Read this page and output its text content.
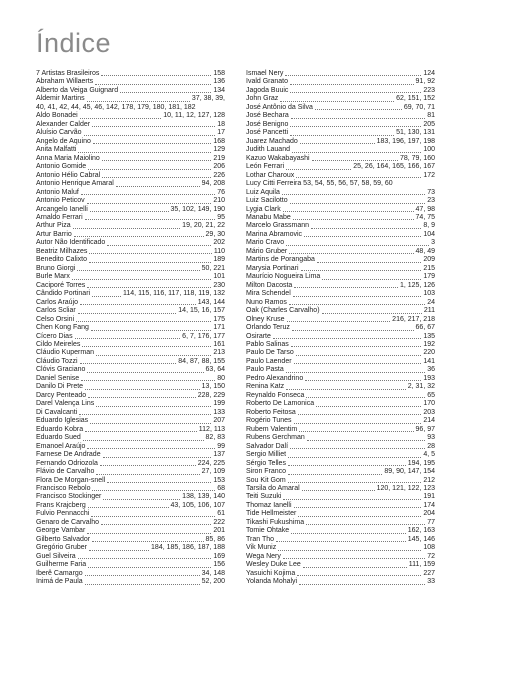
Índice
7 Artistas Brasileiros	158
Abraham Willaerts	136
Alberto da Veiga Guignard	134
Aldemir Martins	37, 38, 39,
40, 41, 42, 44, 45, 46, 142, 178, 179, 180, 181, 182
Aldo Bonadei	10, 11, 12, 127, 128
Alexander Calder	18
Aluísio Carvão	17
Angelo de Aquino	168
Anita Malfatti	129
Anna Maria Maiolino	219
Antonio Gomide	206
Antonio Hélio Cabral	226
Antonio Henrique Amaral	94, 208
Antonio Maluf	76
Antonio Peticov	210
Arcangelo Ianelli	35, 102, 149, 190
Arnaldo Ferrari	95
Arthur Piza	19, 20, 21, 22
Artur Barrio	29, 30
Autor Não Identificado	202
Beatriz Milhazes	110
Benedito Calixto	189
Bruno Giorgi	50, 221
Burle Marx	101
Caciporé Torres	230
Cândido Portinari	114, 115, 116, 117, 118, 119, 132
Carlos Araújo	143, 144
Carlos Scliar	14, 15, 16, 157
Celso Orsini	175
Chen Kong Fang	171
Cícero Dias	6, 7, 176, 177
Cildo Meireles	161
Cláudio Kuperman	213
Cláudio Tozzi	84, 87, 88, 155
Clóvis Graciano	63, 64
Daniel Senise	80
Danilo Di Prete	13, 150
Darcy Penteado	228, 229
Darel Valença Lins	199
Di Cavalcanti	133
Eduardo Iglesias	207
Eduardo Kobra	112, 113
Eduardo Sued	82, 83
Emanoel Araújo	99
Farnese De Andrade	137
Fernando Odriozola	224, 225
Flávio de Carvalho	27, 109
Flora De Morgan-snell	153
Francisco Rebolo	68
Francisco Stockinger	138, 139, 140
Frans Krajcberg	43, 105, 106, 107
Fulvio Pennacchi	61
Genaro de Carvalho	222
George Vambar	201
Gilberto Salvador	85, 86
Gregório Gruber	184, 185, 186, 187, 188
Guel Silveira	169
Guilherme Faria	156
Iberê Camargo	34, 148
Inimá de Paula	52, 200
Ismael Nery	124
Ivald Granato	91, 92
Jagoda Buuic	223
John Graz	62, 151, 152
José Antônio da Silva	69, 70, 71
José Bechara	81
José Benigno	205
José Pancetti	51, 130, 131
Juarez Machado	183, 196, 197, 198
Judith Lauand	100
Kazuo Wakabayashi	78, 79, 160
León Ferrari	25, 26, 164, 165, 166, 167
Lothar Charoux	172
Lucy Citti Ferreira 53, 54, 55, 56, 57, 58, 59, 60
Luiz Aquila	73
Luiz Sacilotto	23
Lygia Clark	47, 98
Manabu Mabe	74, 75
Marcelo Grassmann	8, 9
Marina Abramovic	104
Mario Cravo	3
Mário Gruber	48, 49
Martins de Porangaba	209
Marysia Portinari	215
Maurício Nogueira Lima	179
Milton Dacosta	1, 125, 126
Mira Schendel	103
Nuno Ramos	24
Oak (Charles Carvalho)	211
Olney Kruse	216, 217, 218
Orlando Teruz	66, 67
Osirarte	135
Pablo Salinas	192
Paulo De Tarso	220
Paulo Laender	141
Paulo Pasta	36
Pedro Alexandrino	193
Renina Katz	2, 31, 32
Reynaldo Fonseca	65
Roberto De Lamonica	170
Roberto Feitosa	203
Rogério Tunes	214
Rubem Valentim	96, 97
Rubens Gerchman	93
Salvador Dalí	28
Sergio Milliet	4, 5
Sérgio Telles	194, 195
Siron Franco	89, 90, 147, 154
Sou Kit Gom	212
Tarsila do Amaral	120, 121, 122, 123
Teiti Suzuki	191
Thomaz Ianelli	174
Tide Hellmeister	204
Tikashi Fukushima	77
Tomie Ohtake	162, 163
Tran Tho	145, 146
Vik Muniz	108
Wega Nery	72
Wesley Duke Lee	111, 159
Yasuichi Kojima	227
Yolanda Mohalyi	33
